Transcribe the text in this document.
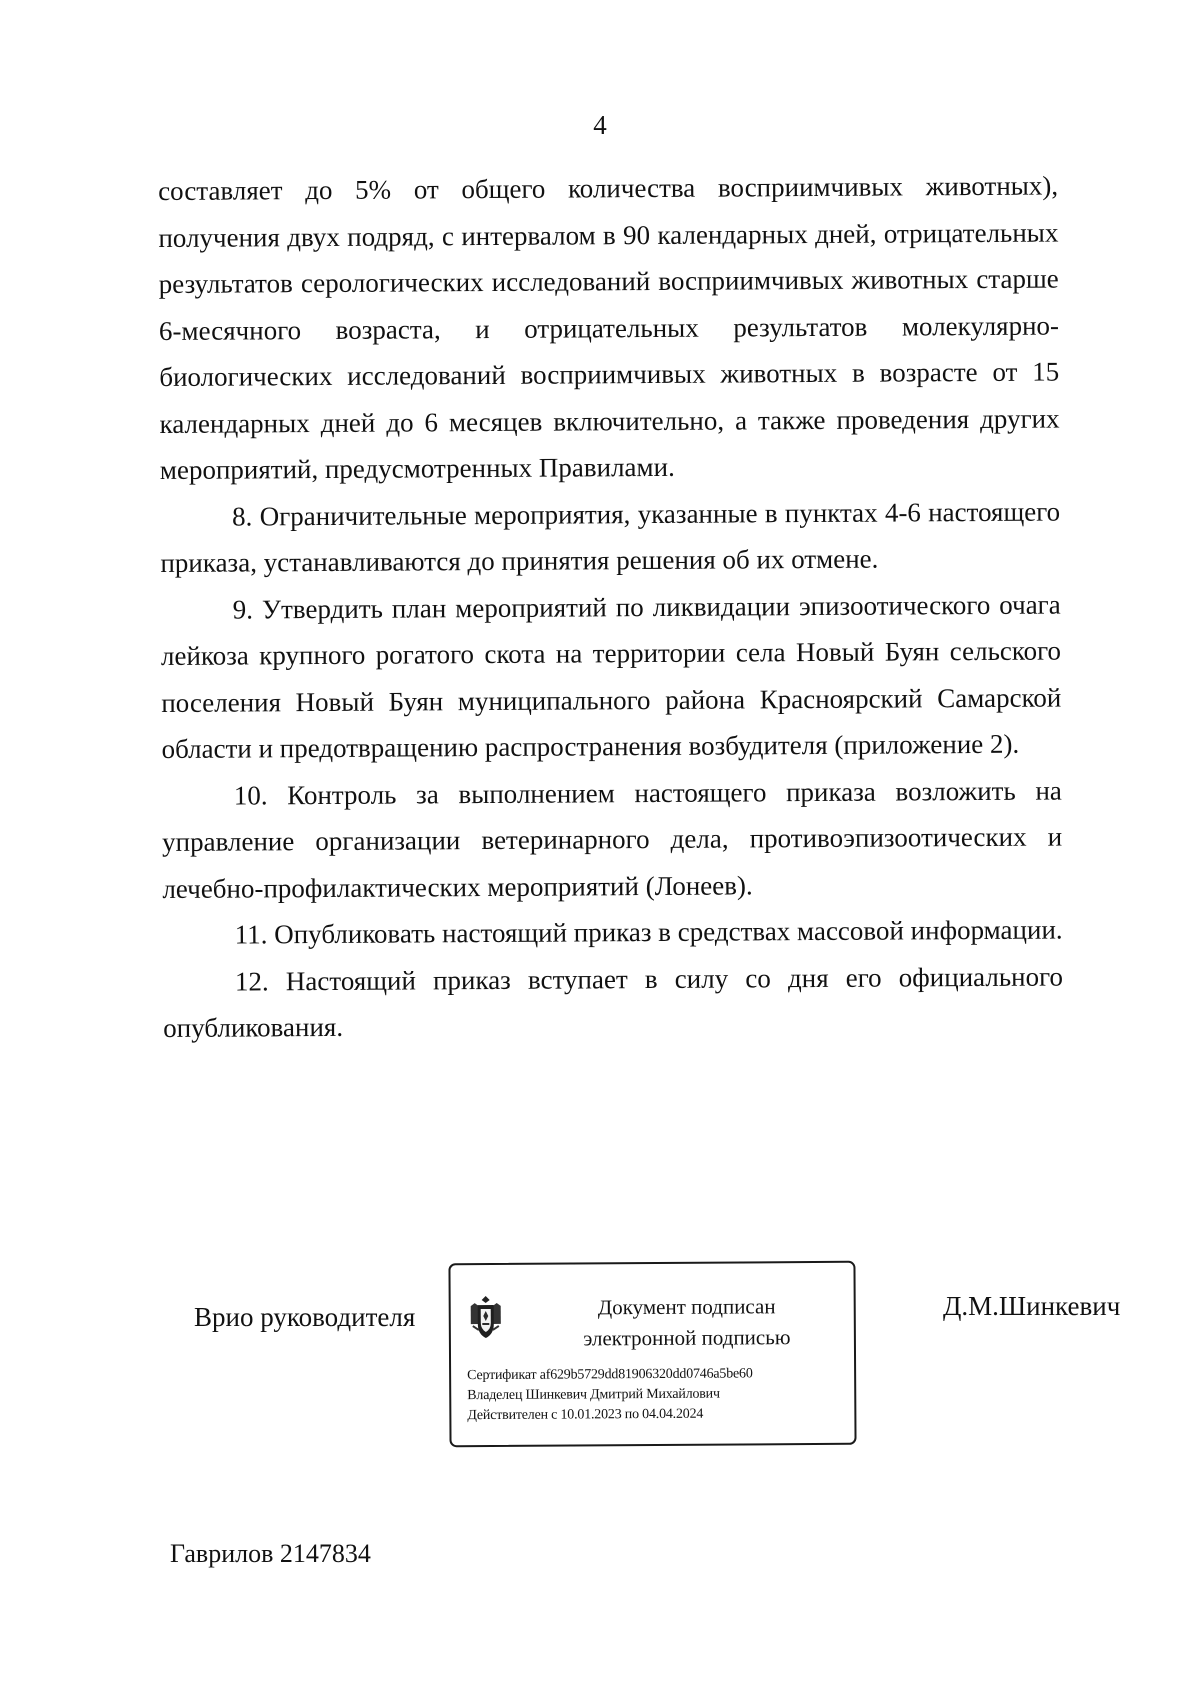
4

составляет до 5% от общего количества восприимчивых животных), получения двух подряд, с интервалом в 90 календарных дней, отрицательных результатов серологических исследований восприимчивых животных старше 6-месячного возраста, и отрицательных результатов молекулярно-биологических исследований восприимчивых животных в возрасте от 15 календарных дней до 6 месяцев включительно, а также проведения других мероприятий, предусмотренных Правилами.

8. Ограничительные мероприятия, указанные в пунктах 4-6 настоящего приказа, устанавливаются до принятия решения об их отмене.

9. Утвердить план мероприятий по ликвидации эпизоотического очага лейкоза крупного рогатого скота на территории села Новый Буян сельского поселения Новый Буян муниципального района Красноярский Самарской области и предотвращению распространения возбудителя (приложение 2).

10. Контроль за выполнением настоящего приказа возложить на управление организации ветеринарного дела, противоэпизоотических и лечебно-профилактических мероприятий (Лонеев).

11. Опубликовать настоящий приказ в средствах массовой информации.

12. Настоящий приказ вступает в силу со дня его официального опубликования.

Врио руководителя	Документ подписан
электронной подписью
Сертификат af629b5729dd81906320dd0746a5be60
Владелец Шинкевич Дмитрий Михайлович
Действителен с 10.01.2023 по 04.04.2024
Д.М.Шинкевич
Гаврилов 2147834
